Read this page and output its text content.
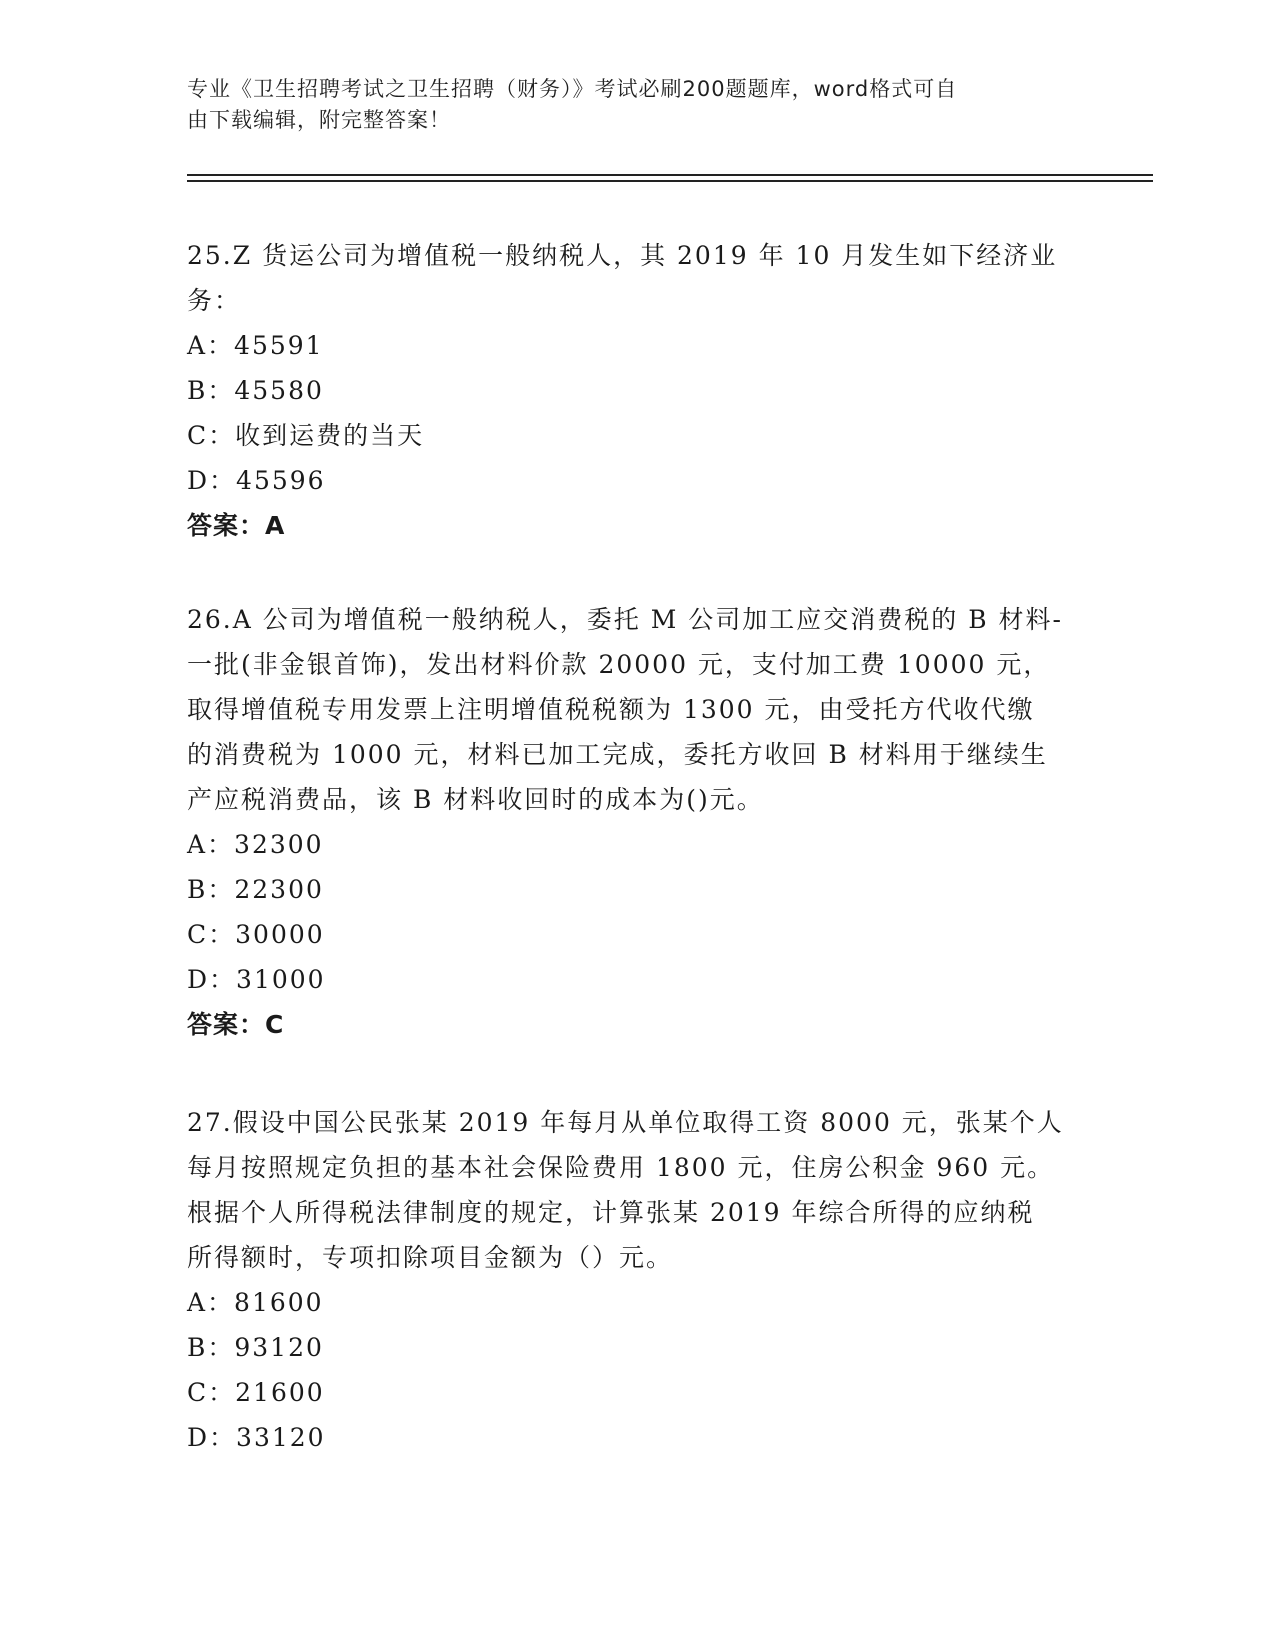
专业《卫生招聘考试之卫生招聘（财务）》考试必刷200题题库，word格式可自
由下载编辑，附完整答案！

25.Z 货运公司为增值税一般纳税人，其 2019 年 10 月发生如下经济业

务：

A：45591

B：45580

C：收到运费的当天

D：45596

答案：A

26.A 公司为增值税一般纳税人，委托 M 公司加工应交消费税的 B 材料-

一批(非金银首饰)，发出材料价款 20000 元，支付加工费 10000 元，

取得增值税专用发票上注明增值税税额为 1300 元，由受托方代收代缴

的消费税为 1000 元，材料已加工完成，委托方收回 B 材料用于继续生

产应税消费品，该 B 材料收回时的成本为()元。

A：32300

B：22300

C：30000

D：31000

答案：C

27.假设中国公民张某 2019 年每月从单位取得工资 8000 元，张某个人

每月按照规定负担的基本社会保险费用 1800 元，住房公积金 960 元。

根据个人所得税法律制度的规定，计算张某 2019 年综合所得的应纳税

所得额时，专项扣除项目金额为（）元。

A：81600

B：93120

C：21600

D：33120
